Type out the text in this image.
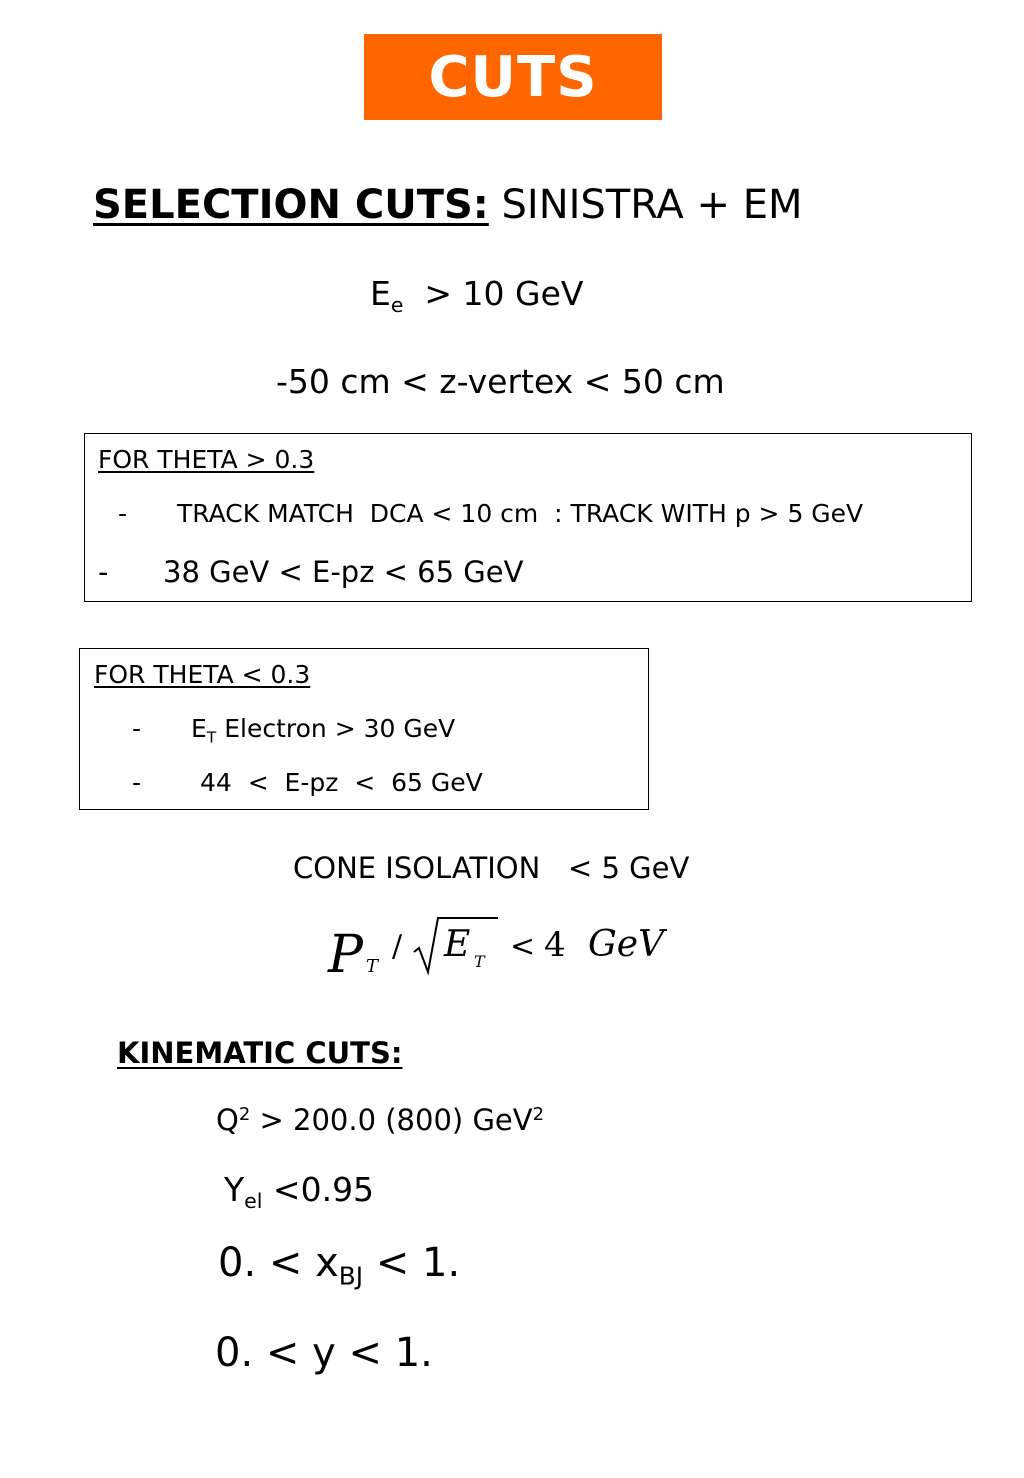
CUTS
SELECTION CUTS: SINISTRA + EM
$E_e > 10$ GeV
-50 cm < z-vertex < 50 cm
FOR THETA > 0.3
- TRACK MATCH  DCA < 10 cm  : TRACK WITH p > 5 GeV
- 38 GeV < E-pz < 65 GeV
FOR THETA < 0.3
- $E_T$ Electron > 30 GeV
- 44  <  E-pz  <  65 GeV
CONE ISOLATION   < 5 GeV
P T
/ E T < 4 GeV
KINEMATIC CUTS:
$Q^2 > 200.0$ (800) GeV$^2$
$Y_{el} <0.95$
0. < $x_{BJ} < 1$.
0. < y < 1.
